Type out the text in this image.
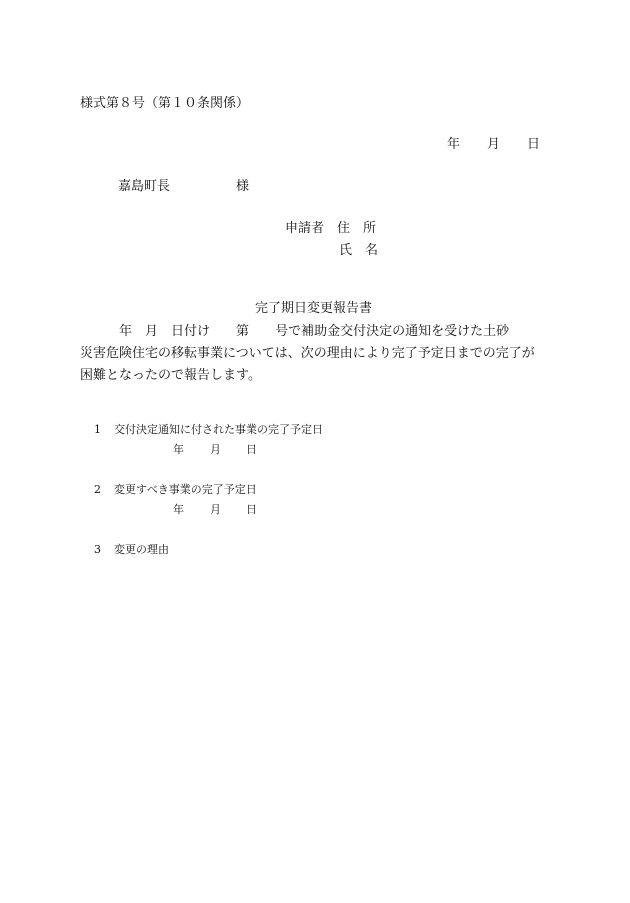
様式第８号（第１０条関係）
年 月 日
嘉島町長	様
申請者 住 所
氏 名
完了期日変更報告書
年 月 日付け 第 号で補助金交付決定の通知を受けた土砂
災害危険住宅の移転事業については、次の理由により完了予定日までの完了が
困難となったので報告します。
1 交付決定通知に付された事業の完了予定日
年 月 日
2 変更すべき事業の完了予定日
年 月 日
3 変更の理由
